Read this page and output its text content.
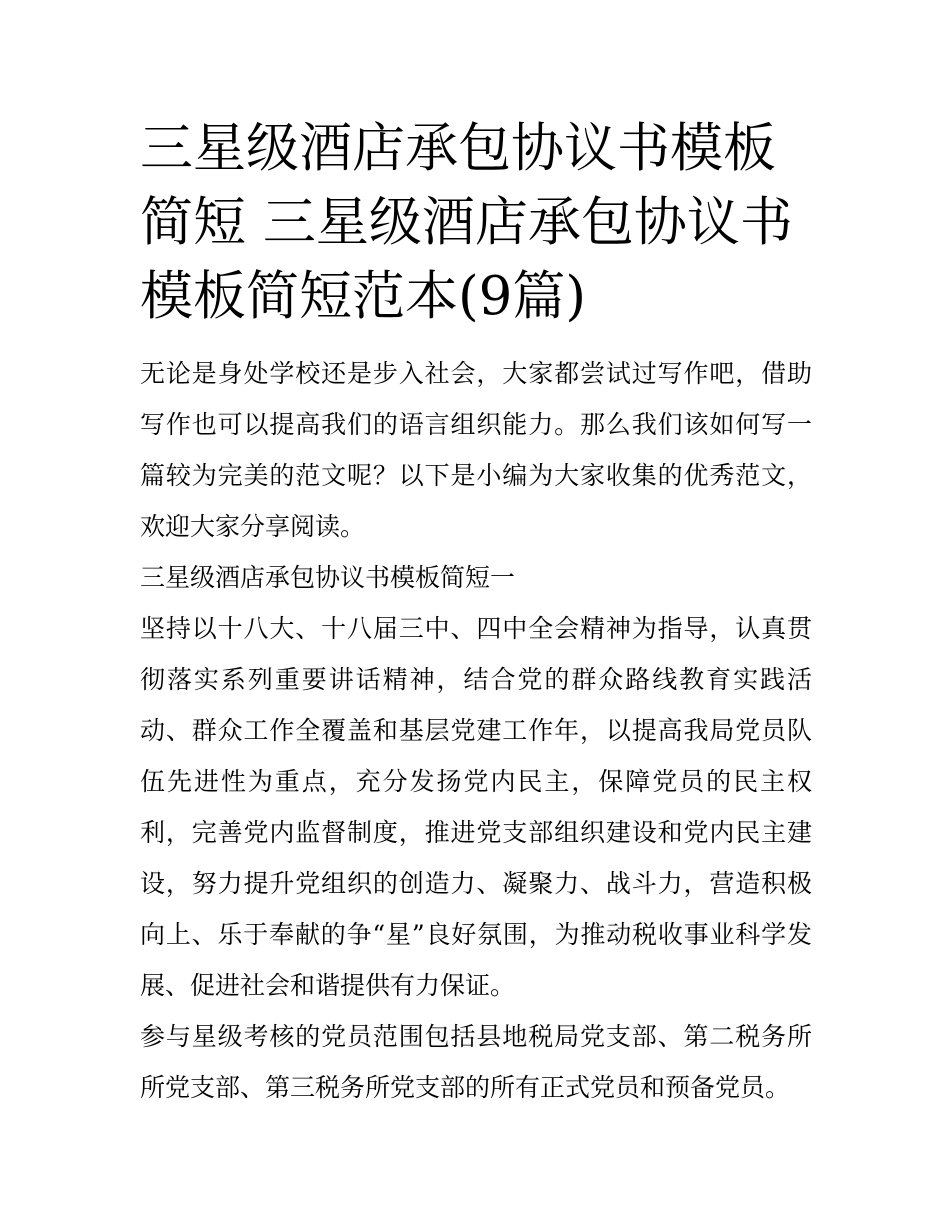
三星级酒店承包协议书模板简短 三星级酒店承包协议书模板简短范本(9篇)

无论是身处学校还是步入社会，大家都尝试过写作吧，借助写作也可以提高我们的语言组织能力。那么我们该如何写一篇较为完美的范文呢？以下是小编为大家收集的优秀范文，欢迎大家分享阅读。

三星级酒店承包协议书模板简短一

坚持以十八大、十八届三中、四中全会精神为指导，认真贯彻落实系列重要讲话精神，结合党的群众路线教育实践活动、群众工作全覆盖和基层党建工作年，以提高我局党员队伍先进性为重点，充分发扬党内民主，保障党员的民主权利，完善党内监督制度，推进党支部组织建设和党内民主建设，努力提升党组织的创造力、凝聚力、战斗力，营造积极向上、乐于奉献的争“星”良好氛围，为推动税收事业科学发展、促进社会和谐提供有力保证。

参与星级考核的党员范围包括县地税局党支部、第二税务所所党支部、第三税务所党支部的所有正式党员和预备党员。
